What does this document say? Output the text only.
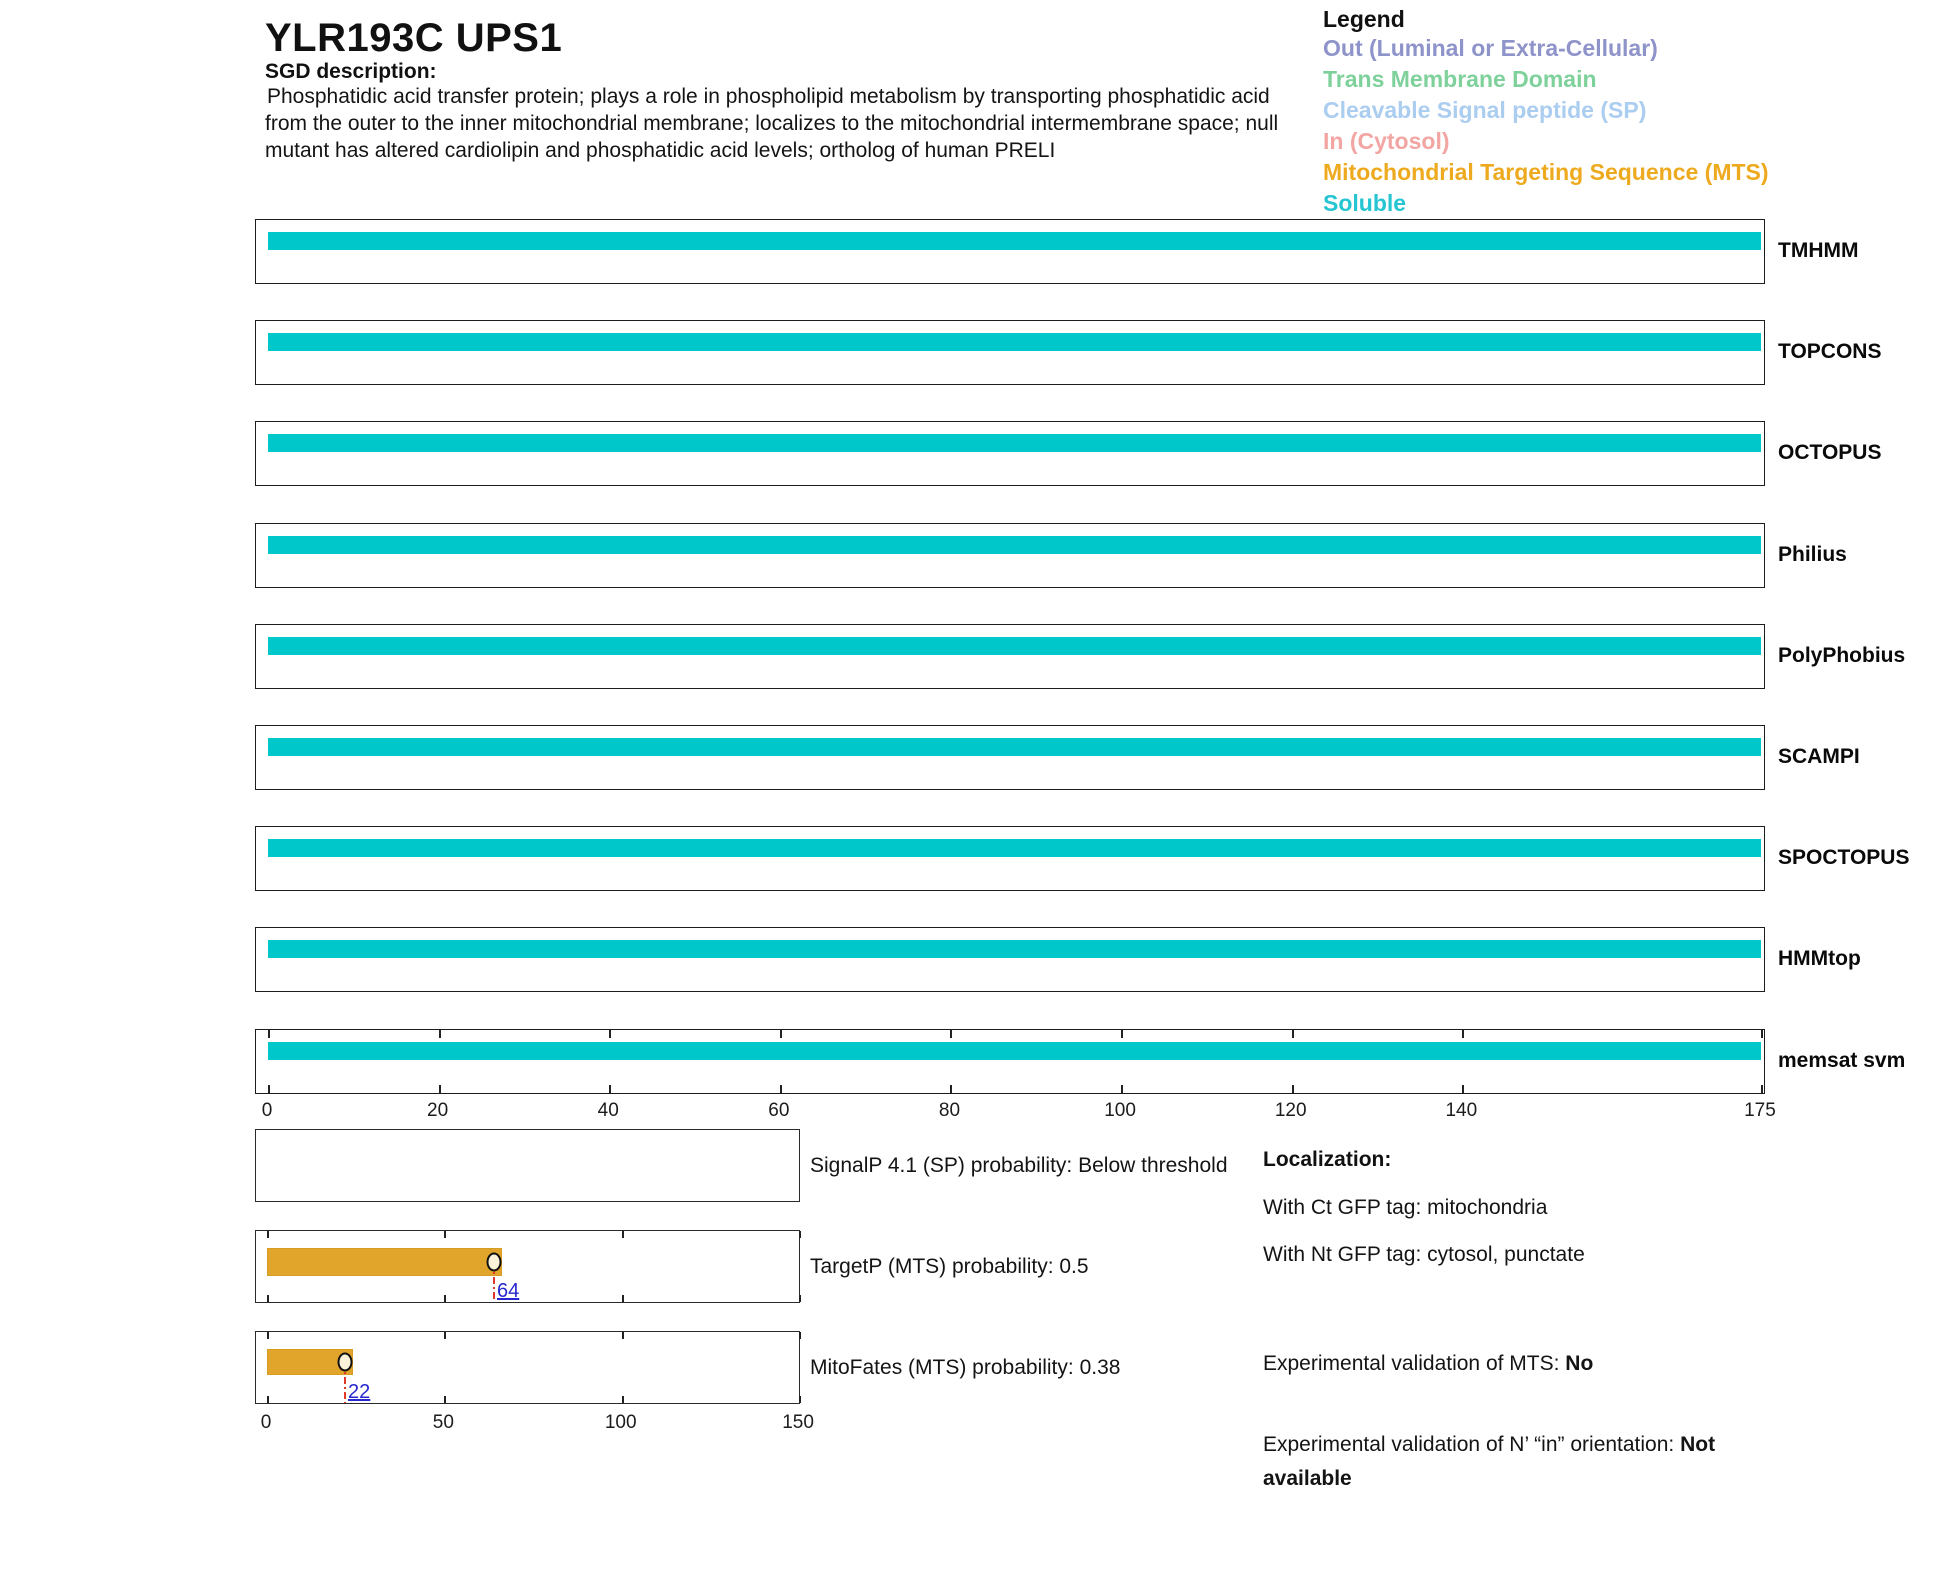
YLR193C UPS1
SGD description:
Phosphatidic acid transfer protein; plays a role in phospholipid metabolism by transporting phosphatidic acid
from the outer to the inner mitochondrial membrane; localizes to the mitochondrial intermembrane space; null
mutant has altered cardiolipin and phosphatidic acid levels; ortholog of human PRELI
Legend
Out (Luminal or Extra-Cellular)
Trans Membrane Domain
Cleavable Signal peptide (SP)
In (Cytosol)
Mitochondrial Targeting Sequence (MTS)
Soluble
TMHMM
TOPCONS
OCTOPUS
Philius
PolyPhobius
SCAMPI
SPOCTOPUS
HMMtop
memsat svm
0	20	40	60	80	100	120	140	175
SignalP 4.1 (SP) probability: Below threshold
64
TargetP (MTS) probability: 0.5
22
MitoFates (MTS) probability: 0.38
0	50	100	150
Localization:
With Ct GFP tag: mitochondria
With Nt GFP tag: cytosol, punctate
Experimental validation of MTS: No
Experimental validation of N’ “in” orientation: Not available
